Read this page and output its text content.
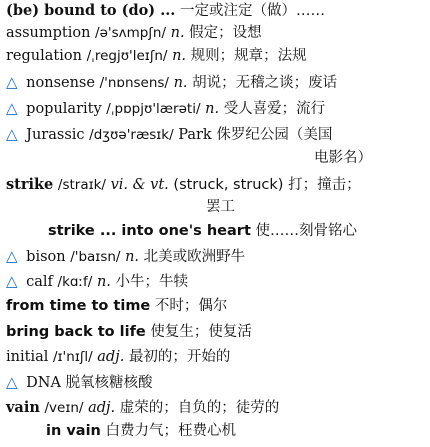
(be) bound to (do) ... 一定或注定（做）……
assumption /ə'sʌmpʃn/ n. 假定；设想
regulation /ˌregjʊ'leɪʃn/ n. 规则；规章；法规
△ nonsense /'nɒnsens/ n. 胡说；无稽之谈；废话
△ popularity /ˌpɒpjʊ'lærəti/ n. 受人喜爱；流行
△ Jurassic /dʒʊə'ræsɪk/ Park 侏罗纪公园（美国
电影名）
strike /straɪk/ vi. & vt. (struck, struck) 打；撞击；
罢工
strike ... into one's heart 使……刻骨铭心
△ bison /'baɪsn/ n. 北美或欧洲野牛
△ calf /kɑːf/ n. 小牛；牛犊
from time to time 不时；偶尔
bring back to life 使复生；使复活
initial /ɪ'nɪʃl/ adj. 最初的；开始的
△ DNA 脱氧核糖核酸
vain /veɪn/ adj. 虚荣的；自负的；徒劳的
in vain 白费力气；枉费心机
